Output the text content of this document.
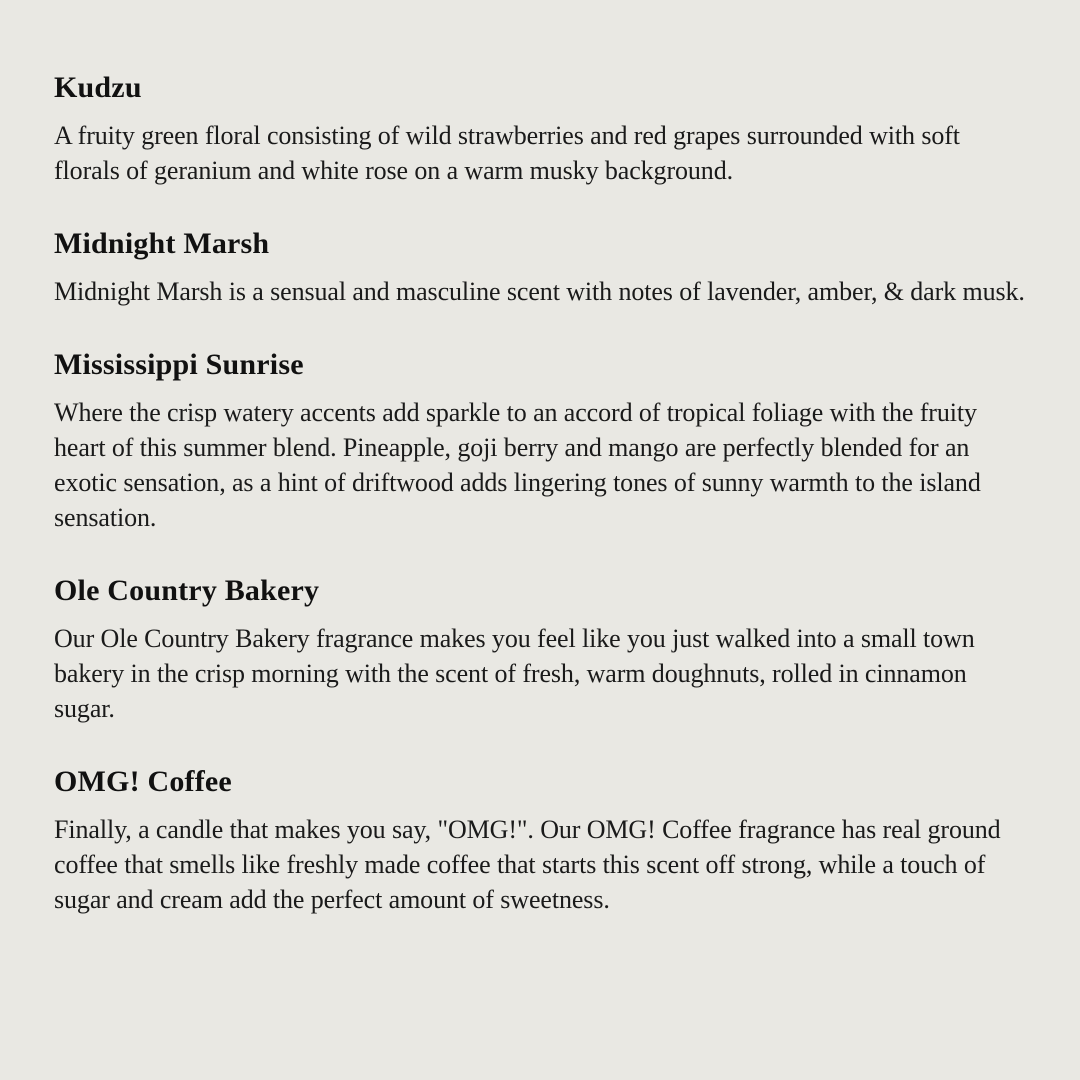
Kudzu

A fruity green floral consisting of wild strawberries and red grapes surrounded with soft florals of geranium and white rose on a warm musky background.

Midnight Marsh

Midnight Marsh is a sensual and masculine scent with notes of lavender, amber, & dark musk.

Mississippi Sunrise

Where the crisp watery accents add sparkle to an accord of tropical foliage with the fruity heart of this summer blend. Pineapple, goji berry and mango are perfectly blended for an exotic sensation, as a hint of driftwood adds lingering tones of sunny warmth to the island sensation.

Ole Country Bakery

Our Ole Country Bakery fragrance makes you feel like you just walked into a small town bakery in the crisp morning with the scent of fresh, warm doughnuts, rolled in cinnamon sugar.

OMG! Coffee

Finally, a candle that makes you say, "OMG!". Our OMG! Coffee fragrance has real ground coffee that smells like freshly made coffee that starts this scent off strong, while a touch of sugar and cream add the perfect amount of sweetness.
